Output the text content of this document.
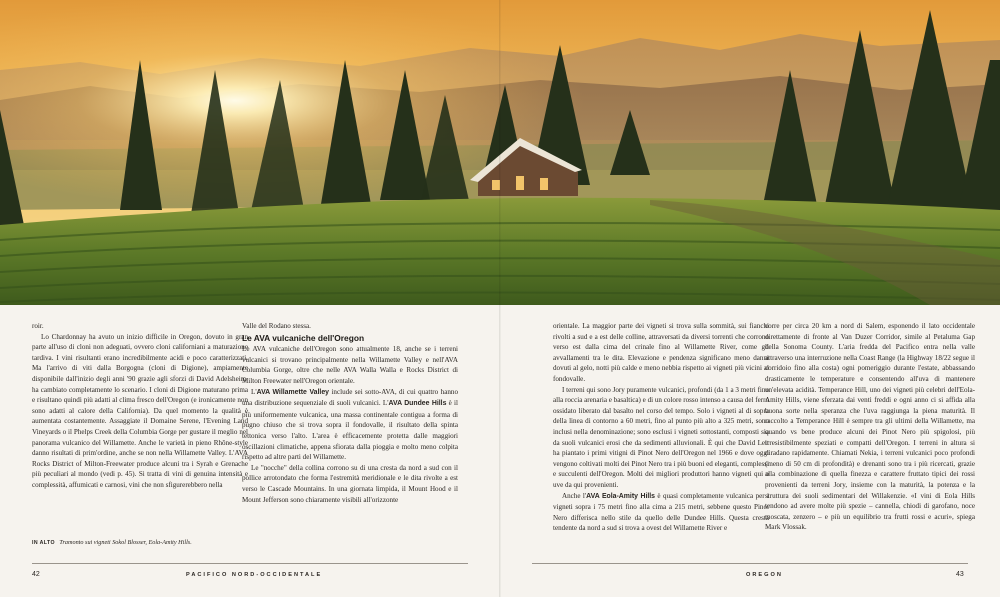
roir.

Lo Chardonnay ha avuto un inizio difficile in Oregon, dovuto in gran parte all'uso di cloni non adeguati, ovvero cloni californiani a maturazione tardiva. I vini risultanti erano incredibilmente acidi e poco caratterizzati. Ma l'arrivo di viti dalla Borgogna (cloni di Digione), ampiamente disponibile dall'inizio degli anni '90 grazie agli sforzi di David Adelsheim, ha cambiato completamente lo scenario. I cloni di Digione maturano prima e risultano quindi più adatti al clima fresco dell'Oregon (e ironicamente non sono adatti al calore della California). Da quel momento la qualità è aumentata costantemente. Assaggiate il Domaine Serene, l'Evening Land Vineyards o il Phelps Creek della Columbia Gorge per gustare il meglio nel panorama vulcanico del Willamette. Anche le varietà in pieno Rhône-style danno risultati di prim'ordine, anche se non nella Willamette Valley. L'AVA Rocks District of Milton-Freewater produce alcuni tra i Syrah e Grenache più peculiari al mondo (vedi p. 45). Si tratta di vini di genuina intensità e complessità, affumicati e carnosi, vini che non sfigurerebbero nella

Valle del Rodano stessa.

Le AVA vulcaniche dell'Oregon

Le AVA vulcaniche dell'Oregon sono attualmente 18, anche se i terreni vulcanici si trovano principalmente nella Willamette Valley e nell'AVA Columbia Gorge, oltre che nelle AVA Walla Walla e Rocks District di Milton Freewater nell'Oregon orientale.

L'AVA Willamette Valley include sei sotto-AVA, di cui quattro hanno una distribuzione sequenziale di suoli vulcanici. L'AVA Dundee Hills è il più uniformemente vulcanica, una massa continentale contigua a forma di pugno chiuso che si trova sopra il fondovalle, il risultato della spinta tettonica verso l'alto. L'area è efficacemente protetta dalle maggiori oscillazioni climatiche, appena sfiorata dalla pioggia e molto meno colpita rispetto ad altre parti del Willamette.

Le "nocche" della collina corrono su di una cresta da nord a sud con il pollice arrotondato che forma l'estremità meridionale e le dita rivolte a est verso le Cascade Mountains. In una giornata limpida, il Mount Hood e il Mount Jefferson sono chiaramente visibili all'orizzonte

IN ALTO Tramonto sui vigneti Sokol Blosser, Eola-Amity Hills.

orientale. La maggior parte dei vigneti si trova sulla sommità, sui fianchi rivolti a sud e a est delle colline, attraversati da diversi torrenti che corrono verso est dalla cima del crinale fino al Willamette River, come gli avvallamenti tra le dita. Elevazione e pendenza significano meno danni dovuti al gelo, notti più calde e meno nebbia rispetto ai vigneti più vicini al fondovalle.

I terreni qui sono Jory puramente vulcanici, profondi (da 1 a 3 metri fino alla roccia arenaria e basaltica) e di un colore rosso intenso a causa del ferro ossidato liberato dal basalto nel corso del tempo. Solo i vigneti al di sopra della linea di contorno a 60 metri, fino al punto più alto a 325 metri, sono inclusi nella denominazione; sono esclusi i vigneti sottostanti, composti sia da suoli vulcanici erosi che da sedimenti alluvionali. È qui che David Lett ha piantato i primi vitigni di Pinot Nero dell'Oregon nel 1966 e dove oggi vengono coltivati molti dei Pinot Nero tra i più buoni ed eleganti, complessi e succulenti dell'Oregon. Molti dei migliori produttori hanno vigneti qui o uve da qui provenienti.

Anche l'AVA Eola-Amity Hills è quasi completamente vulcanica per i vigneti sopra i 75 metri fino alla cima a 215 metri, sebbene questo Pinot Nero differisca nello stile da quello delle Dundee Hills. Questa cresta tendente da nord a sud si trova a ovest del Willamette River e

corre per circa 20 km a nord di Salem, esponendo il lato occidentale direttamente di fronte al Van Duzer Corridor, simile al Petaluma Gap della Sonoma County. L'aria fredda del Pacifico entra nella valle attraverso una interruzione nella Coast Range (la Highway 18/22 segue il corridoio fino alla costa) ogni pomeriggio durante l'estate, abbassando drasticamente le temperature e consentendo all'uva di mantenere un'elevata acidità. Temperance Hill, uno dei vigneti più celebri dell'Eola-Amity Hills, viene sferzata dai venti freddi e ogni anno ci si affida alla buona sorte nella speranza che l'uva raggiunga la piena maturità. Il raccolto a Temperance Hill è sempre tra gli ultimi della Willamette, ma quando vs bene produce alcuni dei Pinot Nero più spigolosi, più irresistibilmente speziati e compatti dell'Oregon. I terreni in altura si diradano rapidamente. Chiamati Nekia, i terreni vulcanici poco profondi (meno di 50 cm di profondità) e drenanti sono tra i più ricercati, grazie alla combinazione di quella finezza e carattere fruttato tipici dei rossi provenienti da terreni Jory, insieme con la maturità, la potenza e la struttura dei suoli sedimentari del Willakenzie. «I vini di Eola Hills tendono ad avere molte più spezie – cannella, chiodi di garofano, noce moscata, zenzero – e più un equilibrio tra frutti rossi e acuri», spiega Mark Vlossak.

42	PACIFICO NORD-OCCIDENTALE	OREGON	43
